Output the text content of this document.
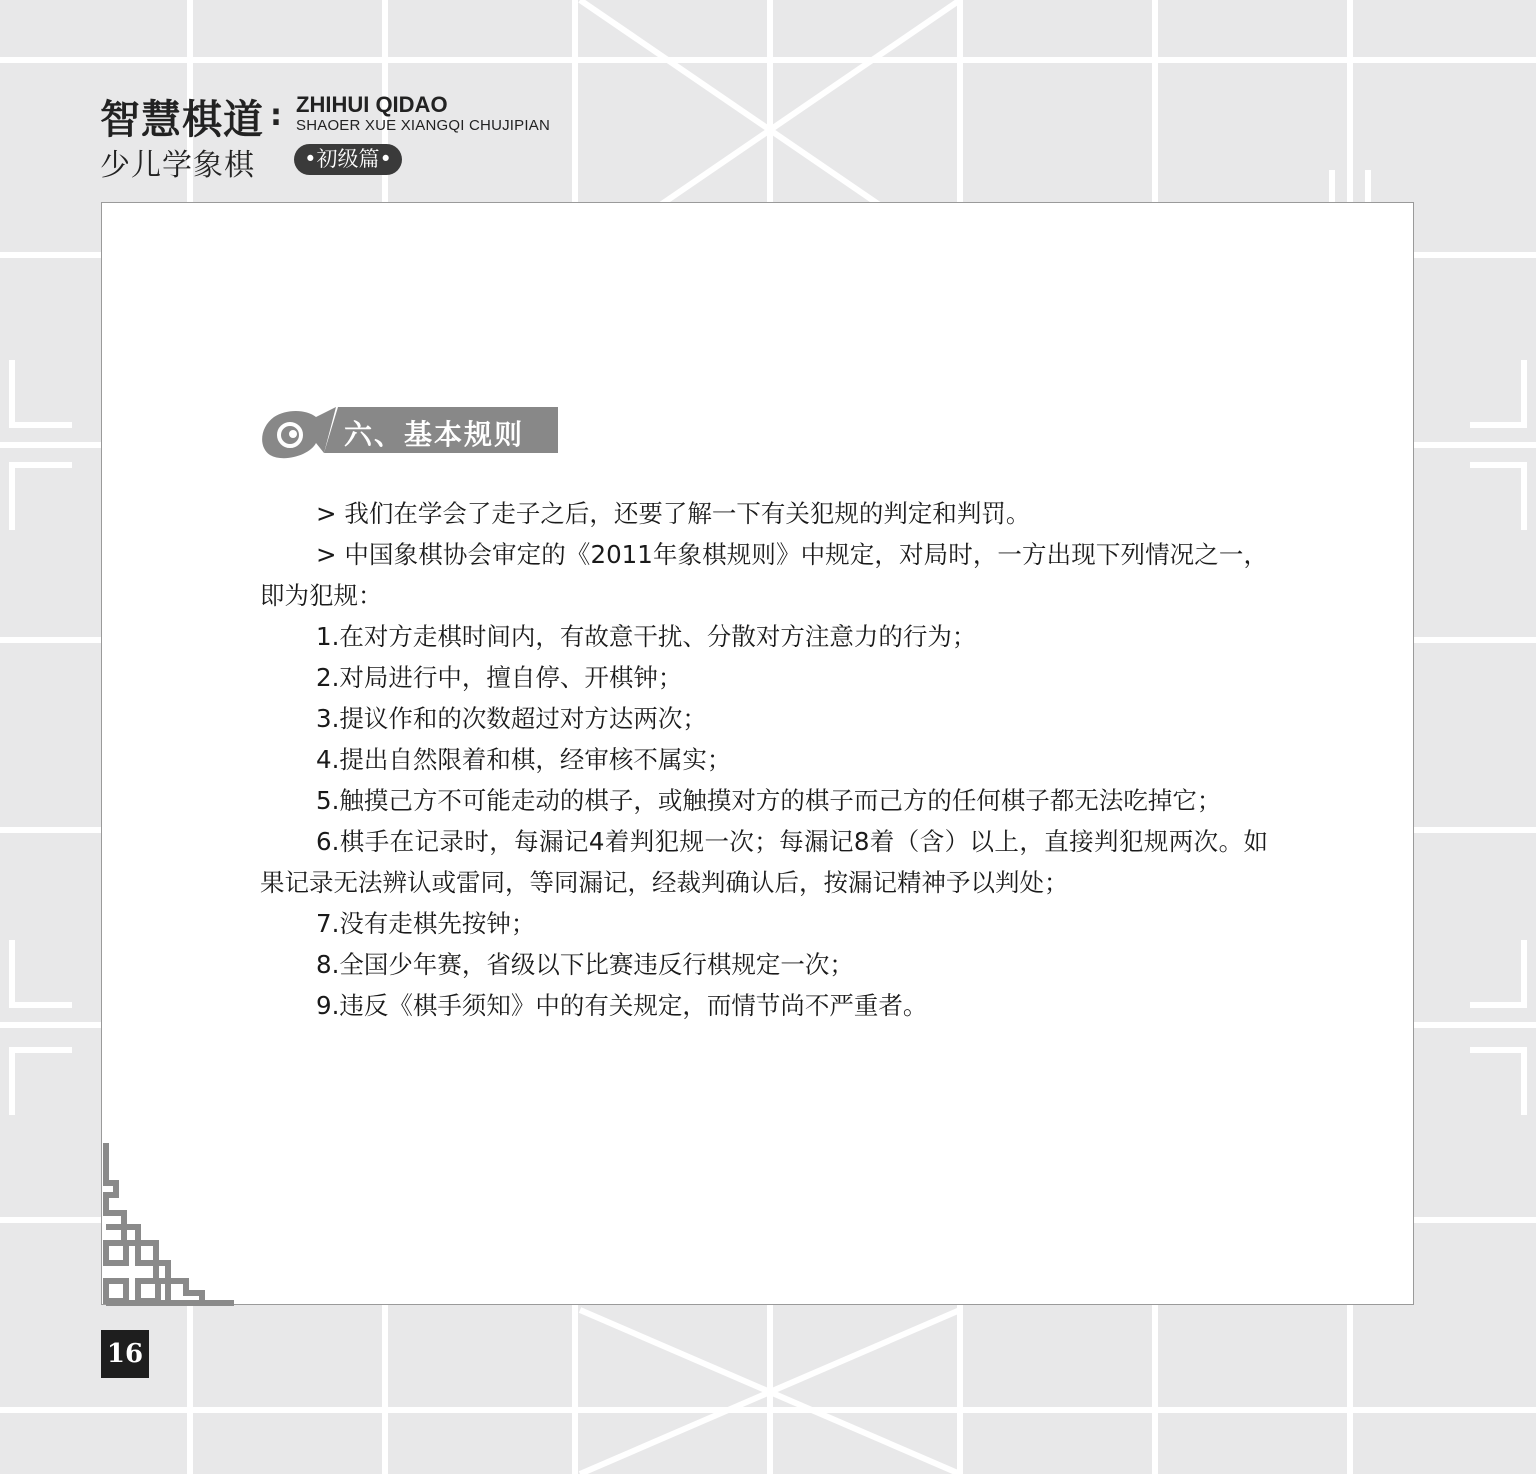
智慧棋道 : ZHIHUI QIDAO
SHAOER XUE XIANGQI CHUJIPIAN
少儿学象棋	•初级篇•
六、基本规则

> 我们在学会了走子之后，还要了解一下有关犯规的判定和判罚。

> 中国象棋协会审定的《2011年象棋规则》中规定，对局时，一方出现下列情况之一，即为犯规：

1.在对方走棋时间内，有故意干扰、分散对方注意力的行为；

2.对局进行中，擅自停、开棋钟；

3.提议作和的次数超过对方达两次；

4.提出自然限着和棋，经审核不属实；

5.触摸己方不可能走动的棋子，或触摸对方的棋子而己方的任何棋子都无法吃掉它；

6.棋手在记录时，每漏记4着判犯规一次；每漏记8着（含）以上，直接判犯规两次。如果记录无法辨认或雷同，等同漏记，经裁判确认后，按漏记精神予以判处；

7.没有走棋先按钟；

8.全国少年赛，省级以下比赛违反行棋规定一次；

9.违反《棋手须知》中的有关规定，而情节尚不严重者。

16
